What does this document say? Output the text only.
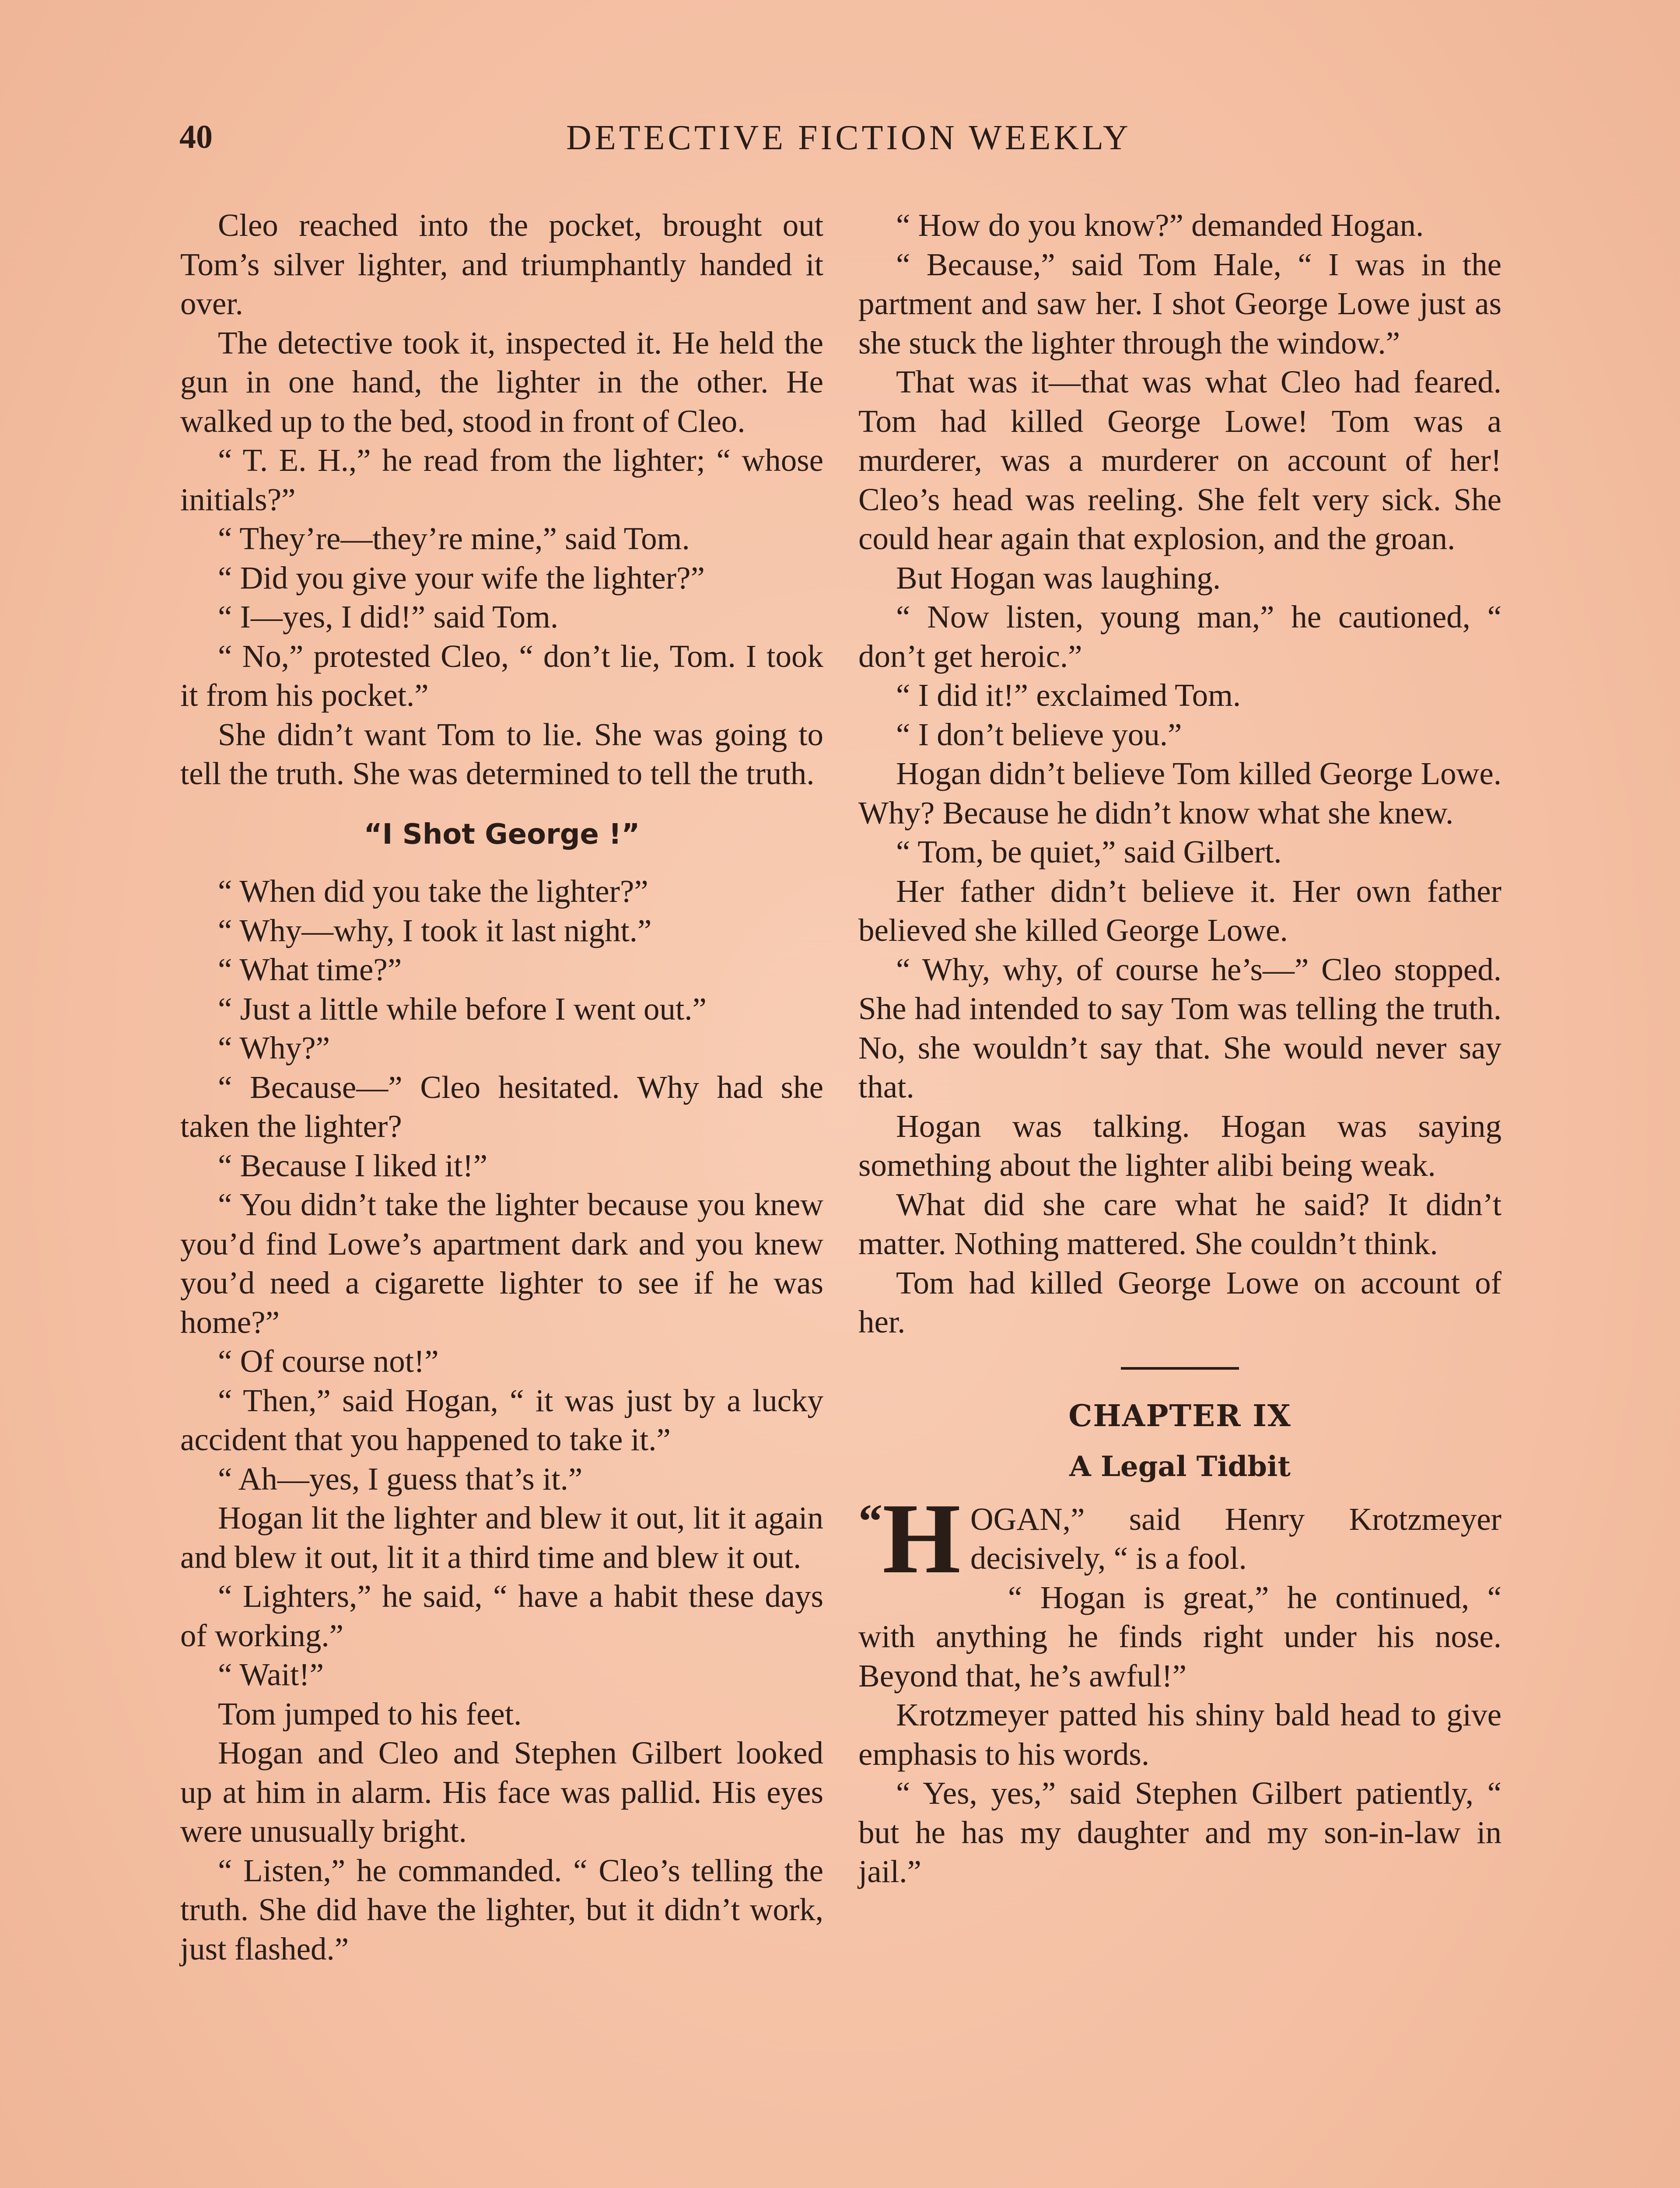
40	DETECTIVE FICTION WEEKLY

Cleo reached into the pocket, brought out Tom’s silver lighter, and triumphantly handed it over.

The detective took it, inspected it. He held the gun in one hand, the lighter in the other. He walked up to the bed, stood in front of Cleo.

“ T. E. H.,” he read from the lighter; “ whose initials?”

“ They’re—they’re mine,” said Tom.

“ Did you give your wife the lighter?”

“ I—yes, I did!” said Tom.

“ No,” protested Cleo, “ don’t lie, Tom. I took it from his pocket.”

She didn’t want Tom to lie. She was going to tell the truth. She was determined to tell the truth.

“I Shot George !”

“ When did you take the lighter?”

“ Why—why, I took it last night.”

“ What time?”

“ Just a little while before I went out.”

“ Why?”

“ Because—” Cleo hesitated. Why had she taken the lighter?

“ Because I liked it!”

“ You didn’t take the lighter because you knew you’d find Lowe’s apartment dark and you knew you’d need a cigarette lighter to see if he was home?”

“ Of course not!”

“ Then,” said Hogan, “ it was just by a lucky accident that you happened to take it.”

“ Ah—yes, I guess that’s it.”

Hogan lit the lighter and blew it out, lit it again and blew it out, lit it a third time and blew it out.

“ Lighters,” he said, “ have a habit these days of working.”

“ Wait!”

Tom jumped to his feet.

Hogan and Cleo and Stephen Gilbert looked up at him in alarm. His face was pallid. His eyes were unusually bright.

“ Listen,” he commanded. “ Cleo’s telling the truth. She did have the lighter, but it didn’t work, just flashed.”

“ How do you know?” demanded Hogan.

“ Because,” said Tom Hale, “ I was in the partment and saw her. I shot George Lowe just as she stuck the lighter through the window.”

That was it—that was what Cleo had feared. Tom had killed George Lowe! Tom was a murderer, was a murderer on account of her! Cleo’s head was reeling. She felt very sick. She could hear again that explosion, and the groan.

But Hogan was laughing.

“ Now listen, young man,” he cautioned, “ don’t get heroic.”

“ I did it!” exclaimed Tom.

“ I don’t believe you.”

Hogan didn’t believe Tom killed George Lowe. Why? Because he didn’t know what she knew.

“ Tom, be quiet,” said Gilbert.

Her father didn’t believe it. Her own father believed she killed George Lowe.

“ Why, why, of course he’s—” Cleo stopped. She had intended to say Tom was telling the truth. No, she wouldn’t say that. She would never say that.

Hogan was talking. Hogan was saying something about the lighter alibi being weak.

What did she care what he said? It didn’t matter. Nothing mattered. She couldn’t think.

Tom had killed George Lowe on account of her.

CHAPTER IX
A Legal Tidbit

“H OGAN,” said Henry Krotzmeyer decisively, “ is a fool.

“ Hogan is great,” he continued, “ with anything he finds right under his nose. Beyond that, he’s awful!”

Krotzmeyer patted his shiny bald head to give emphasis to his words.

“ Yes, yes,” said Stephen Gilbert patiently, “ but he has my daughter and my son-in-law in jail.”
